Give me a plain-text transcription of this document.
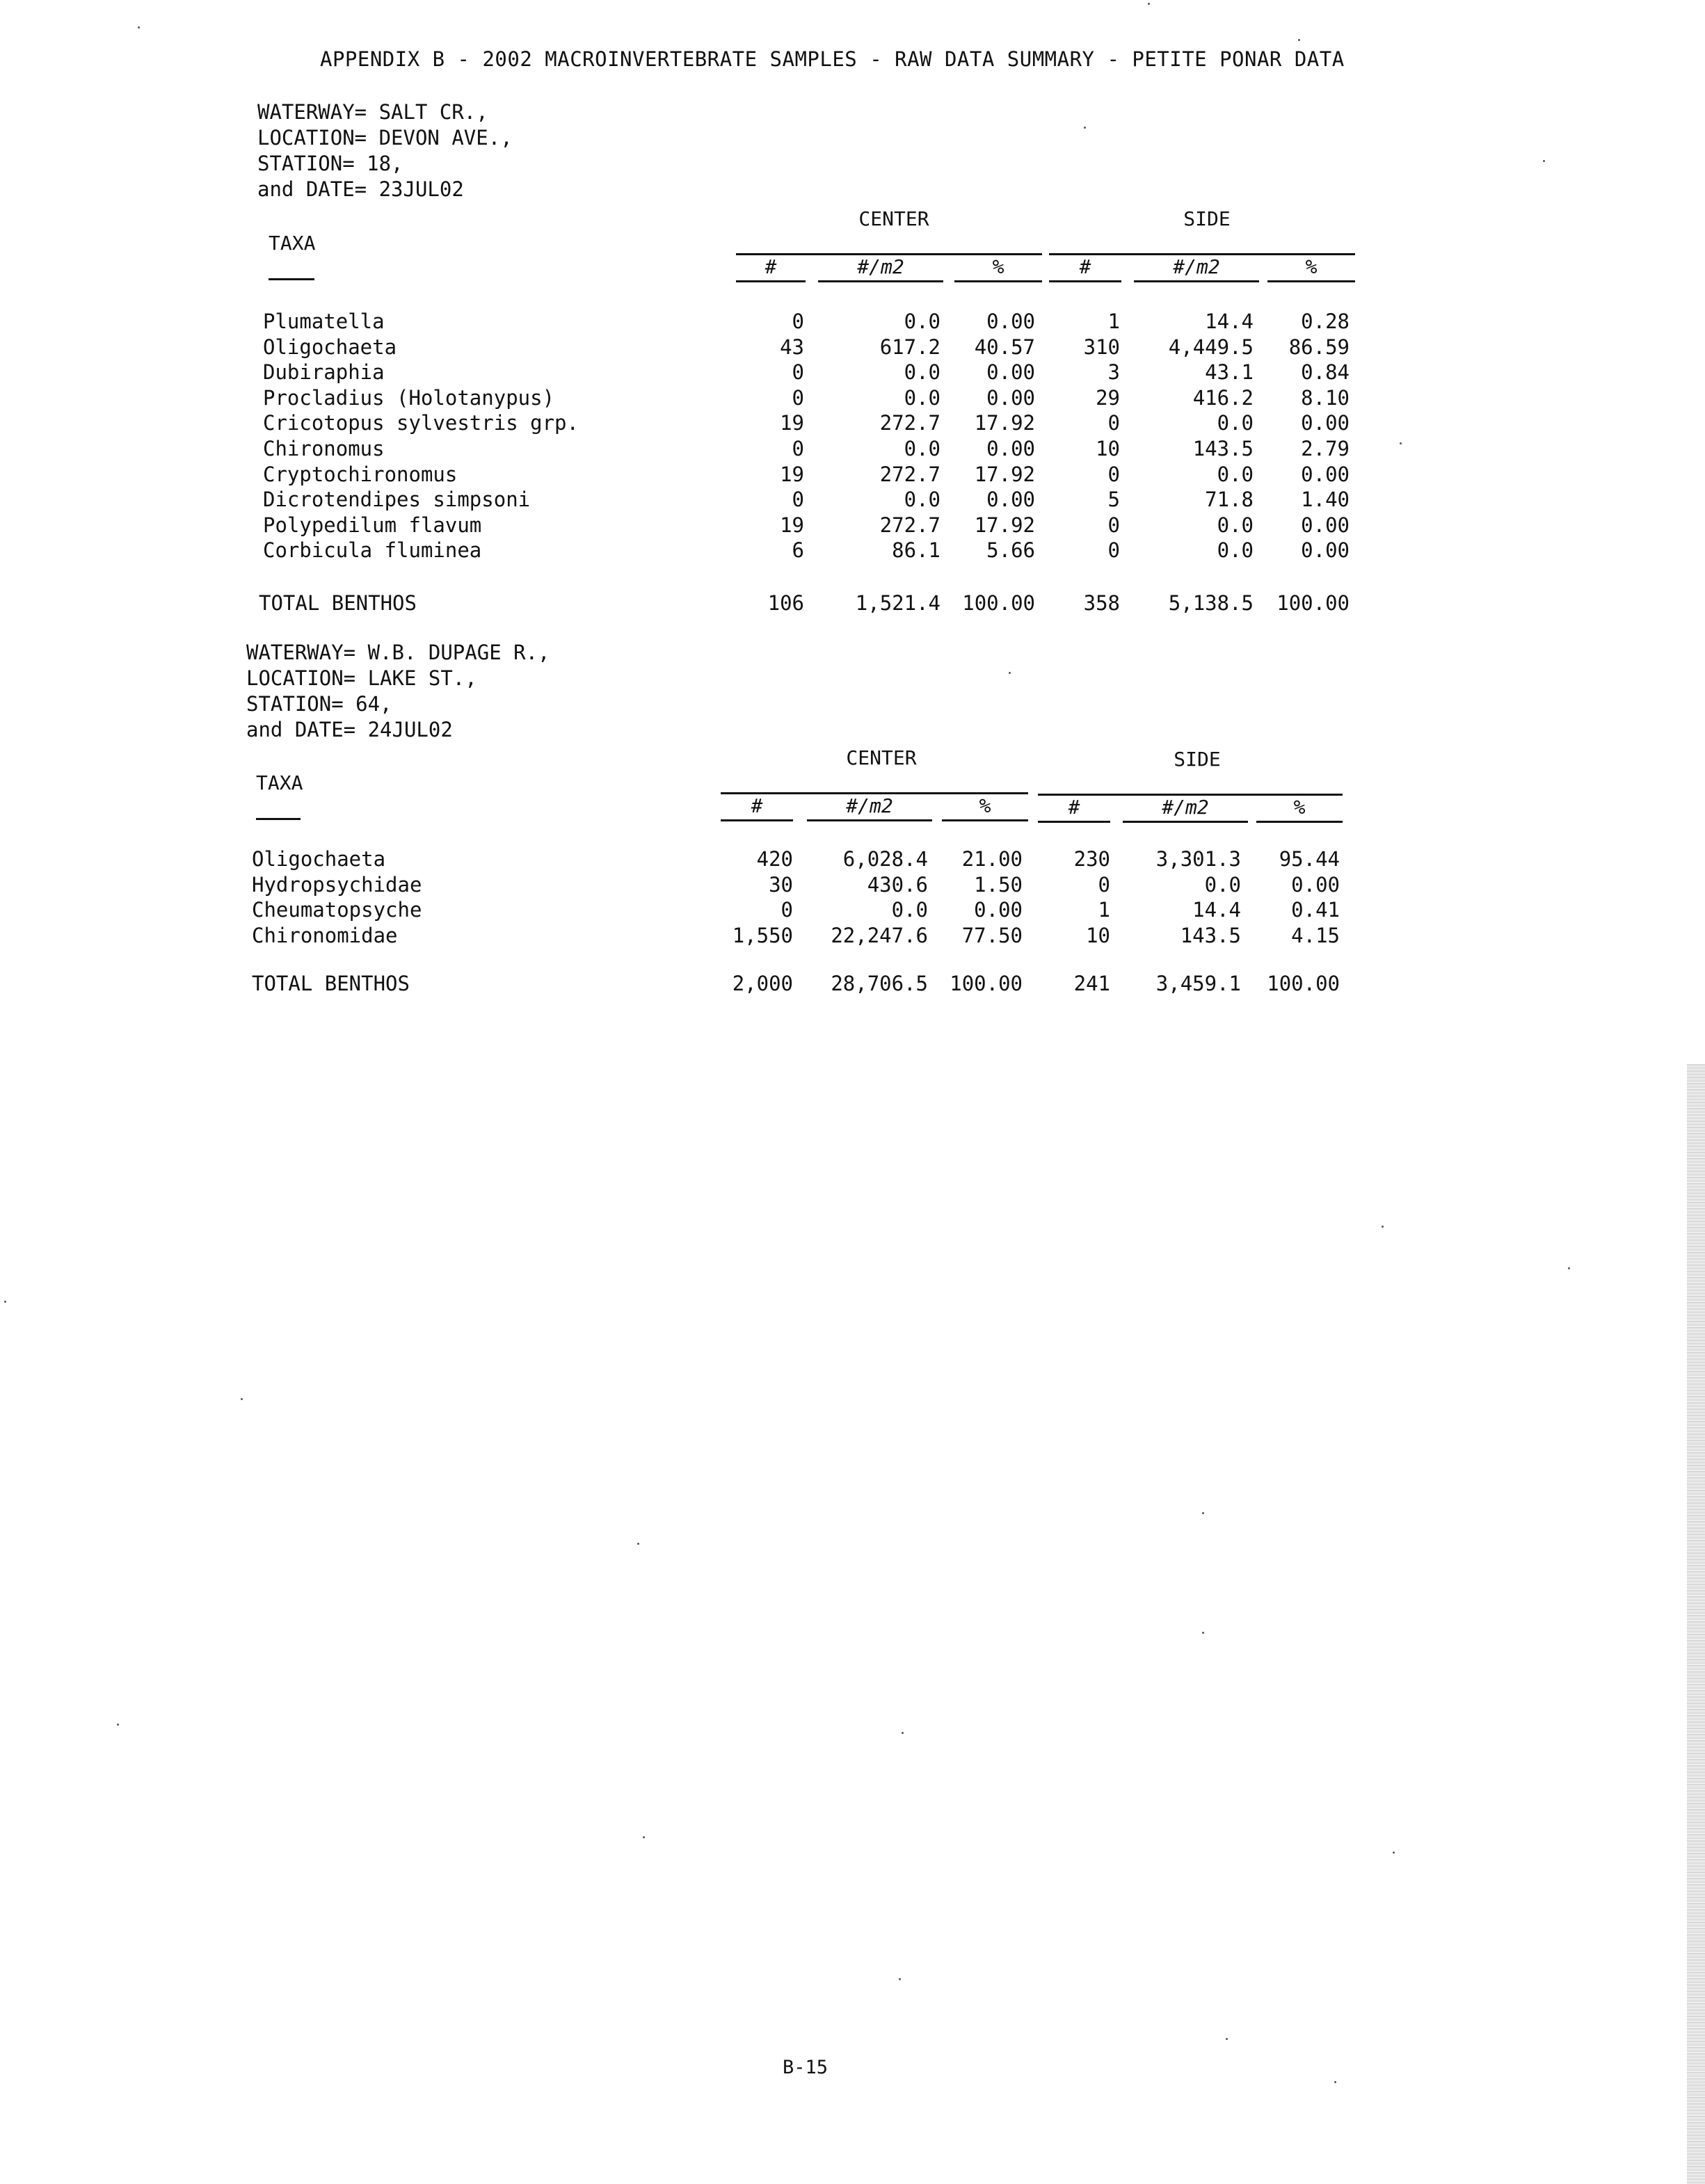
APPENDIX B - 2002 MACROINVERTEBRATE SAMPLES - RAW DATA SUMMARY - PETITE PONAR DATA
WATERWAY= SALT CR.,
LOCATION= DEVON AVE.,
STATION= 18,
and DATE= 23JUL02
CENTER	SIDE
TAXA
#	#/m2	%	#	#/m2	%
Plumatella	0	0.0 0.00	1	14.4 0.28
Oligochaeta	43	617.2 40.57 310 4,449.5 86.59
Dubiraphia	0	0.0 0.00	3	43.1 0.84
Procladius (Holotanypus)	0	0.0 0.00	29	416.2 8.10
Cricotopus sylvestris grp.	19	272.7 17.92	0	0.0 0.00
Chironomus	0	0.0 0.00	10	143.5 2.79
Cryptochironomus	19	272.7 17.92	0	0.0 0.00
Dicrotendipes simpsoni	0	0.0 0.00	5	71.8 1.40
Polypedilum flavum	19	272.7 17.92	0	0.0 0.00
Corbicula fluminea	6	86.1 5.66	0	0.0 0.00
TOTAL BENTHOS	106	1,521.4 100.00 358 5,138.5 100.00
WATERWAY= W.B. DUPAGE R.,
LOCATION= LAKE ST.,
STATION= 64,
and DATE= 24JUL02
CENTER	SIDE
TAXA
#	#/m2	%	#	#/m2	%
Oligochaeta	420 6,028.4 21.00	230 3,301.3 95.44
Hydropsychidae	30	430.6 1.50	0	0.0 0.00
Cheumatopsyche	0	0.0 0.00	1	14.4 0.41
Chironomidae	1,550 22,247.6 77.50	10	143.5 4.15
TOTAL BENTHOS	2,000 28,706.5 100.00	241 3,459.1 100.00
B-15
